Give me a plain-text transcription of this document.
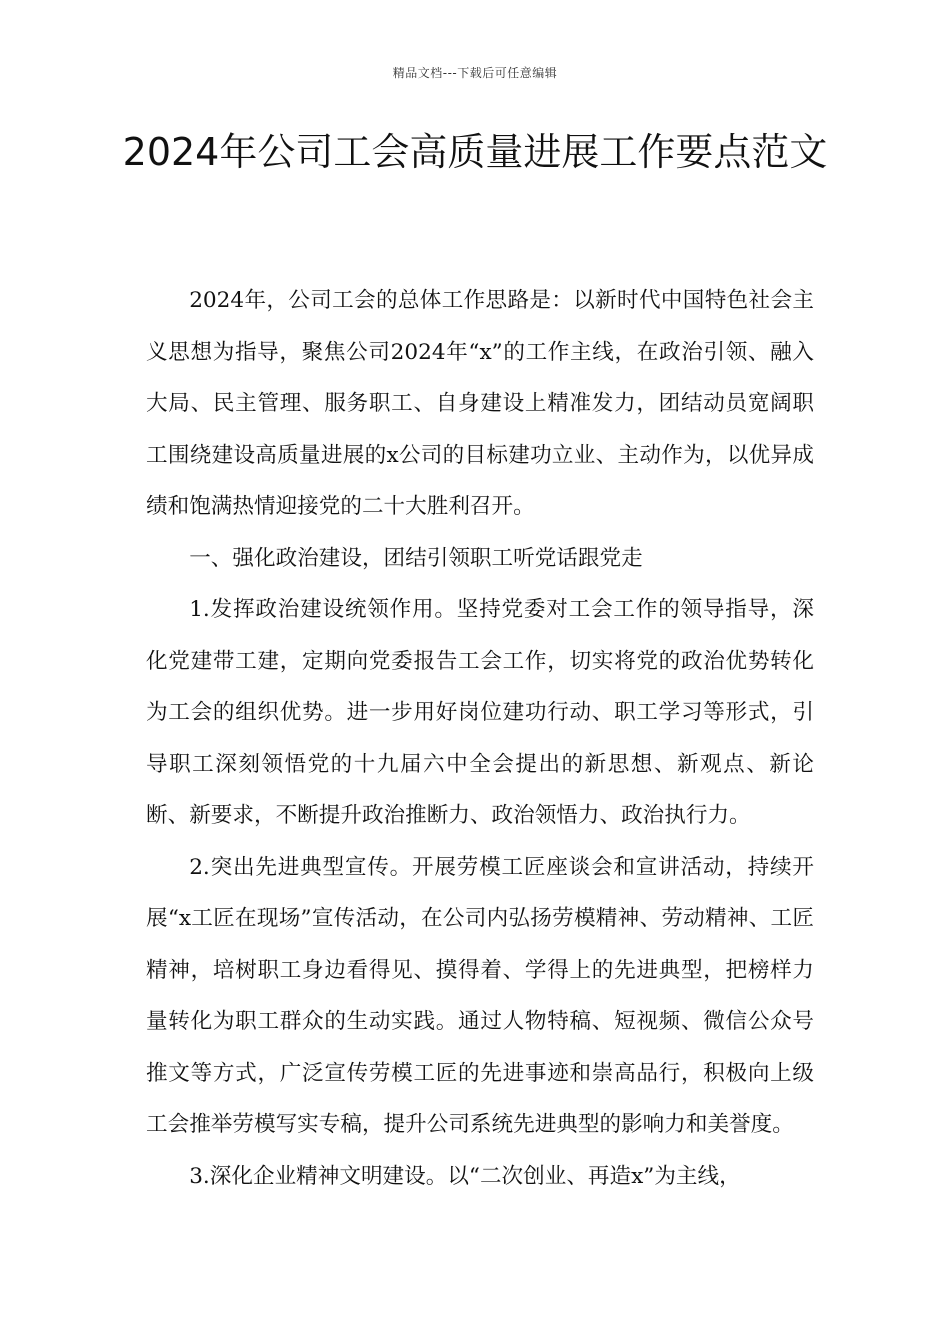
精品文档---下载后可任意编辑
2024年公司工会高质量进展工作要点范文

2024年，公司工会的总体工作思路是：以新时代中国特色社会主义思想为指导，聚焦公司2024年“x”的工作主线，在政治引领、融入大局、民主管理、服务职工、自身建设上精准发力，团结动员宽阔职工围绕建设高质量进展的x公司的目标建功立业、主动作为，以优异成绩和饱满热情迎接党的二十大胜利召开。

一、强化政治建设，团结引领职工听党话跟党走

1.发挥政治建设统领作用。坚持党委对工会工作的领导指导，深化党建带工建，定期向党委报告工会工作，切实将党的政治优势转化为工会的组织优势。进一步用好岗位建功行动、职工学习等形式，引导职工深刻领悟党的十九届六中全会提出的新思想、新观点、新论断、新要求，不断提升政治推断力、政治领悟力、政治执行力。

2.突出先进典型宣传。开展劳模工匠座谈会和宣讲活动，持续开展“x工匠在现场”宣传活动，在公司内弘扬劳模精神、劳动精神、工匠精神，培树职工身边看得见、摸得着、学得上的先进典型，把榜样力量转化为职工群众的生动实践。通过人物特稿、短视频、微信公众号推文等方式，广泛宣传劳模工匠的先进事迹和崇高品行，积极向上级工会推举劳模写实专稿，提升公司系统先进典型的影响力和美誉度。

3.深化企业精神文明建设。以“二次创业、再造x”为主线，
